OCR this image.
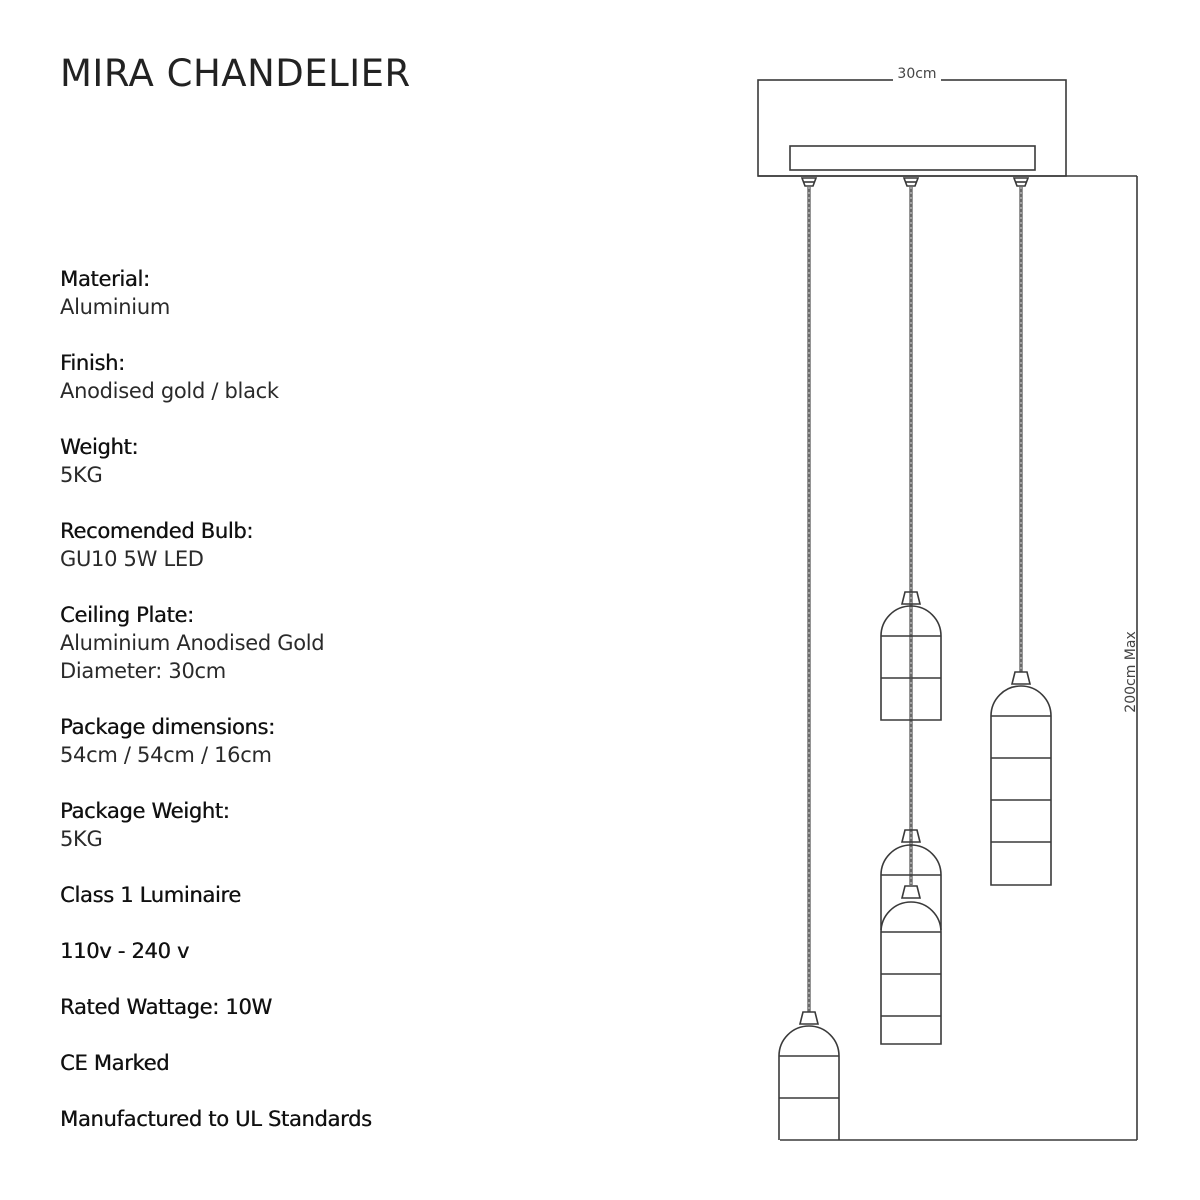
MIRA CHANDELIER
Material:
Aluminium
Finish:
Anodised gold / black
Weight:
5KG
Recomended Bulb:
GU10 5W LED
Ceiling Plate:
Aluminium Anodised Gold
Diameter: 30cm
Package dimensions:
54cm / 54cm / 16cm
Package Weight:
5KG
Class 1 Luminaire
110v - 240 v
Rated Wattage: 10W
CE Marked
Manufactured to UL Standards
30cm
200cm Max
